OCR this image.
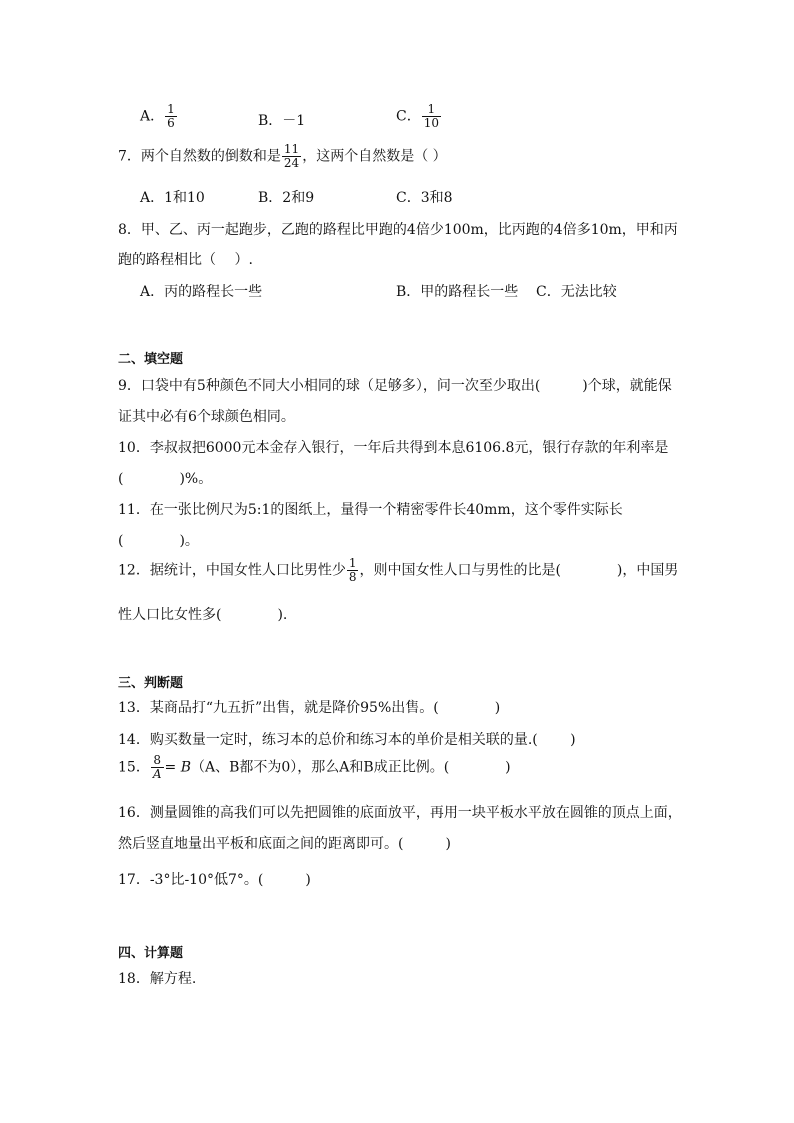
A． $\frac{1}{6}$	B．－1	C． $\frac{1}{10}$
7．两个自然数的倒数和是 $\frac{11}{24}$ ，这两个自然数是（ ）
A．1和10	B．2和9	C．3和8
8．甲、乙、丙一起跑步，乙跑的路程比甲跑的4倍少100m，比丙跑的4倍多10m，甲和丙
跑的路程相比（　 ）.
A．丙的路程长一些	B．甲的路程长一些 C．无法比较
二、填空题
9．口袋中有5种颜色不同大小相同的球（足够多），问一次至少取出(　　　)个球，就能保
证其中必有6个球颜色相同。
10．李叔叔把6000元本金存入银行，一年后共得到本息6106.8元，银行存款的年利率是
(　　　　)%。
11．在一张比例尺为5:1的图纸上，量得一个精密零件长40mm，这个零件实际长
(　　　　)。
12．据统计，中国女性人口比男性少 $\frac{1}{8}$ ，则中国女性人口与男性的比是(　　　　)，中国男
性人口比女性多(　　　　).
三、判断题
13．某商品打“九五折”出售，就是降价95%出售。(　　　　)
14．购买数量一定时，练习本的总价和练习本的单价是相关联的量.(　　 )
15． $\frac{8}{A} = B(A$、B都不为0），那么A和B成正比例。(　　　　)
16．测量圆锥的高我们可以先把圆锥的底面放平，再用一块平板水平放在圆锥的顶点上面，
然后竖直地量出平板和底面之间的距离即可。(　　　)
17．-3°比-10°低7°。(　　　)
四、计算题
18．解方程.
